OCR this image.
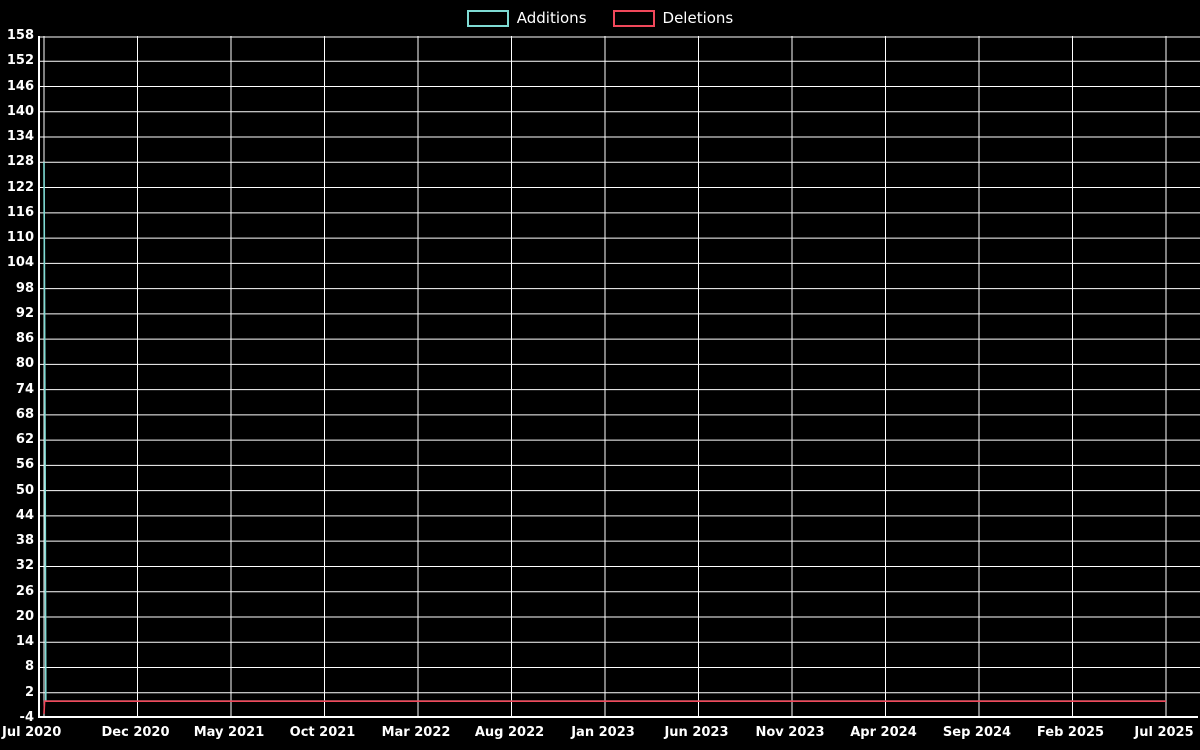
Additions	Deletions
158
152
146
140
134
128
122
116
110
104
98
92
86
80
74
68
62
56
50
44
38
32
26
20
14
8
2
-4
Jul 2020	Dec 2020 May 2021 Oct 2021 Mar 2022 Aug 2022 Jan 2023 Jun 2023 Nov 2023 Apr 2024 Sep 2024 Feb 2025 Jul 2025
